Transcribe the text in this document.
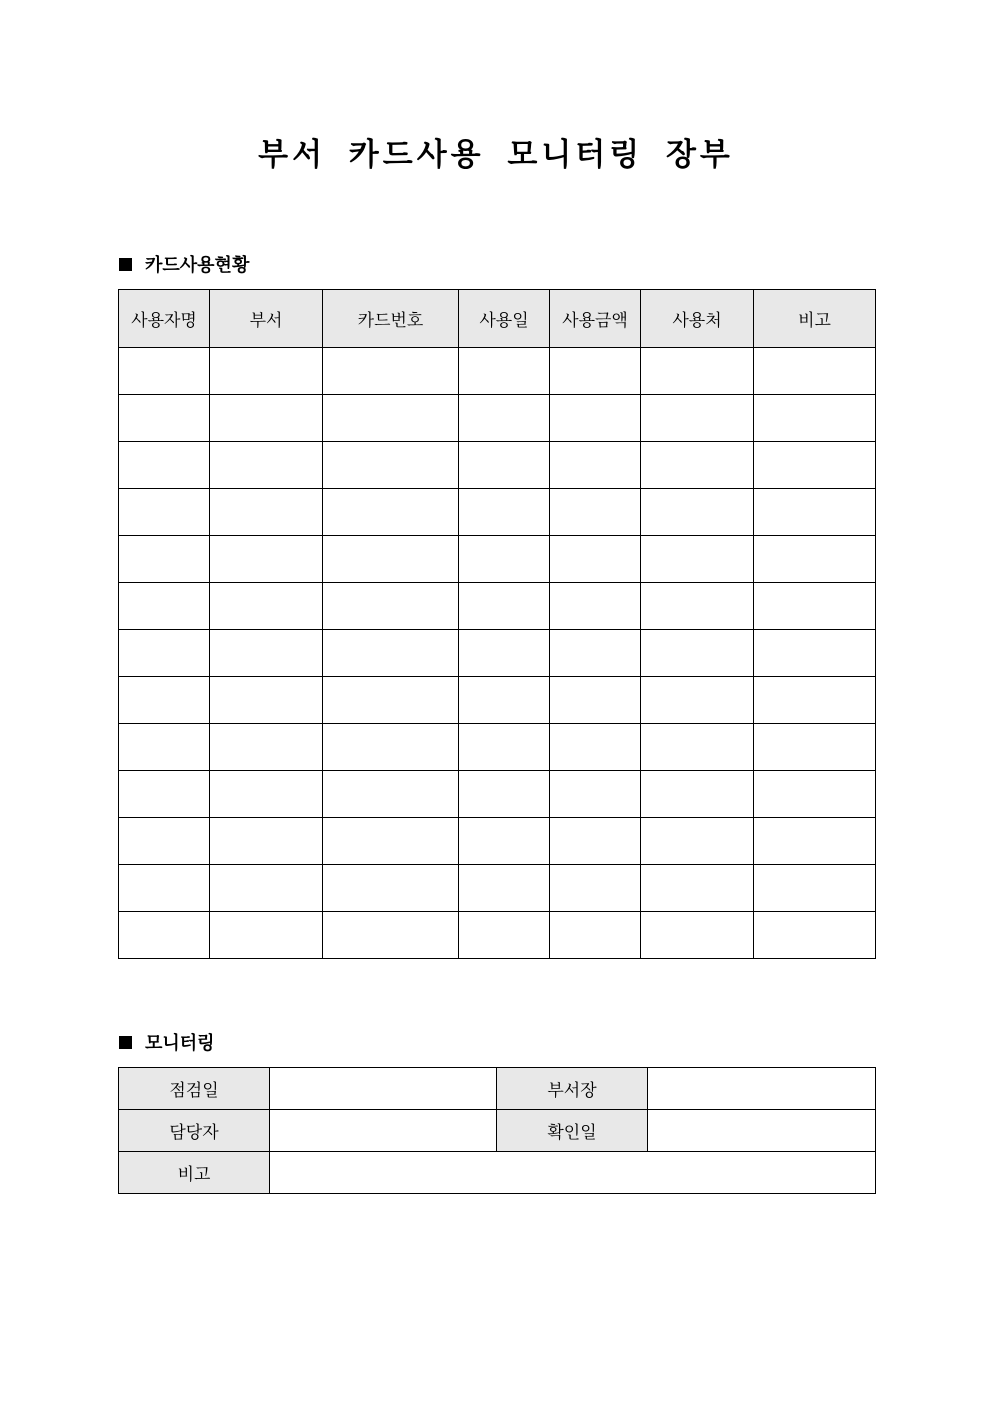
부서 카드사용 모니터링 장부
카드사용현황
사용자명	부서	카드번호	사용일	사용금액	사용처	비고

모니터링
점검일		부서장	
담당자		확인일	
비고			
